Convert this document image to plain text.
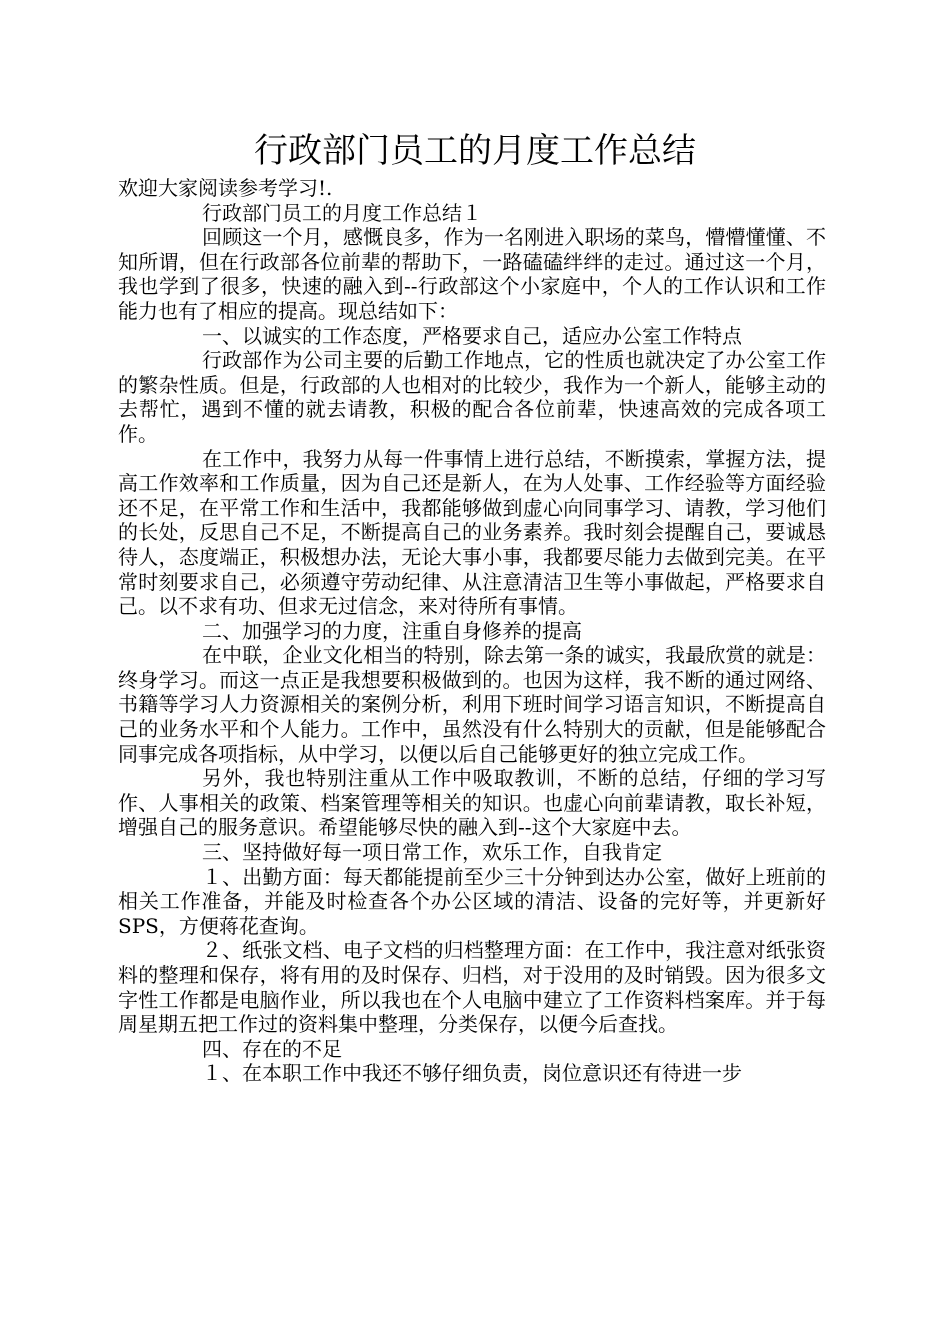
行政部门员工的月度工作总结

欢迎大家阅读参考学习!.

行政部门员工的月度工作总结１

回顾这一个月，感慨良多，作为一名刚进入职场的菜鸟，懵懵懂懂、不知所谓，但在行政部各位前辈的帮助下，一路磕磕绊绊的走过。通过这一个月，我也学到了很多，快速的融入到--行政部这个小家庭中，个人的工作认识和工作能力也有了相应的提高。现总结如下：

一、以诚实的工作态度，严格要求自己，适应办公室工作特点

行政部作为公司主要的后勤工作地点，它的性质也就决定了办公室工作的繁杂性质。但是，行政部的人也相对的比较少，我作为一个新人，能够主动的去帮忙，遇到不懂的就去请教，积极的配合各位前辈，快速高效的完成各项工作。

在工作中，我努力从每一件事情上进行总结，不断摸索，掌握方法，提高工作效率和工作质量，因为自己还是新人，在为人处事、工作经验等方面经验还不足，在平常工作和生活中，我都能够做到虚心向同事学习、请教，学习他们的长处，反思自己不足，不断提高自己的业务素养。我时刻会提醒自己，要诚恳待人，态度端正，积极想办法，无论大事小事，我都要尽能力去做到完美。在平常时刻要求自己，必须遵守劳动纪律、从注意清洁卫生等小事做起，严格要求自己。以不求有功、但求无过信念，来对待所有事情。

二、加强学习的力度，注重自身修养的提高

在中联，企业文化相当的特别，除去第一条的诚实，我最欣赏的就是：终身学习。而这一点正是我想要积极做到的。也因为这样，我不断的通过网络、书籍等学习人力资源相关的案例分析，利用下班时间学习语言知识，不断提高自己的业务水平和个人能力。工作中，虽然没有什么特别大的贡献，但是能够配合同事完成各项指标，从中学习，以便以后自己能够更好的独立完成工作。

另外，我也特别注重从工作中吸取教训，不断的总结，仔细的学习写作、人事相关的政策、档案管理等相关的知识。也虚心向前辈请教，取长补短，增强自己的服务意识。希望能够尽快的融入到--这个大家庭中去。

三、坚持做好每一项日常工作，欢乐工作，自我肯定

１、出勤方面：每天都能提前至少三十分钟到达办公室，做好上班前的相关工作准备，并能及时检查各个办公区域的清洁、设备的完好等，并更新好SPS，方便蒋花查询。

２、纸张文档、电子文档的归档整理方面：在工作中，我注意对纸张资料的整理和保存，将有用的及时保存、归档，对于没用的及时销毁。因为很多文字性工作都是电脑作业，所以我也在个人电脑中建立了工作资料档案库。并于每周星期五把工作过的资料集中整理，分类保存，以便今后查找。

四、存在的不足

１、在本职工作中我还不够仔细负责，岗位意识还有待进一步
